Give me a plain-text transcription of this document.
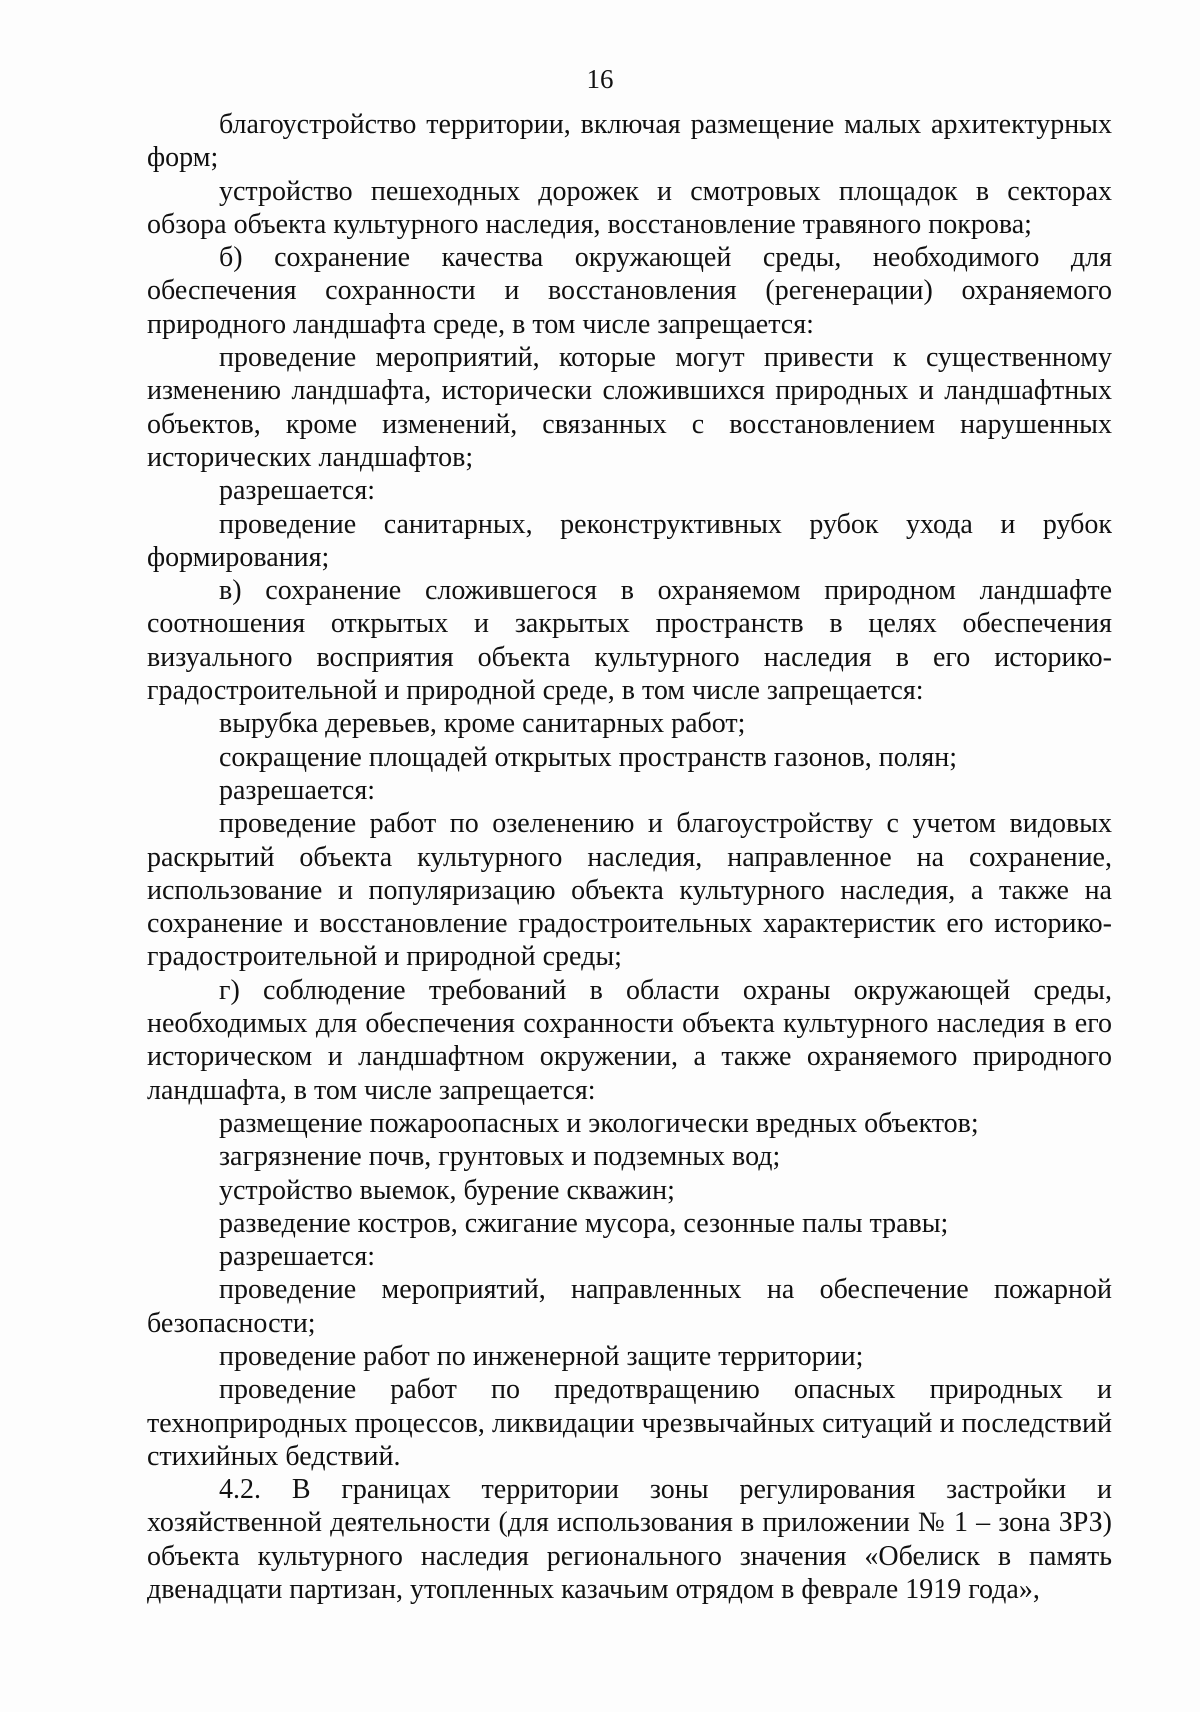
16

благоустройство территории, включая размещение малых архитектурных форм;

устройство пешеходных дорожек и смотровых площадок в секторах обзора объекта культурного наследия, восстановление травяного покрова;

б) сохранение качества окружающей среды, необходимого для обеспечения сохранности и восстановления (регенерации) охраняемого природного ландшафта среде, в том числе запрещается:

проведение мероприятий, которые могут привести к существенному изменению ландшафта, исторически сложившихся природных и ландшафтных объектов, кроме изменений, связанных с восстановлением нарушенных исторических ландшафтов;

разрешается:

проведение санитарных, реконструктивных рубок ухода и рубок формирования;

в) сохранение сложившегося в охраняемом природном ландшафте соотношения открытых и закрытых пространств в целях обеспечения визуального восприятия объекта культурного наследия в его историко-градостроительной и природной среде, в том числе запрещается:

вырубка деревьев, кроме санитарных работ;

сокращение площадей открытых пространств газонов, полян;

разрешается:

проведение работ по озеленению и благоустройству с учетом видовых раскрытий объекта культурного наследия, направленное на сохранение, использование и популяризацию объекта культурного наследия, а также на сохранение и восстановление градостроительных характеристик его историко-градостроительной и природной среды;

г) соблюдение требований в области охраны окружающей среды, необходимых для обеспечения сохранности объекта культурного наследия в его историческом и ландшафтном окружении, а также охраняемого природного ландшафта, в том числе запрещается:

размещение пожароопасных и экологически вредных объектов;

загрязнение почв, грунтовых и подземных вод;

устройство выемок, бурение скважин;

разведение костров, сжигание мусора, сезонные палы травы;

разрешается:

проведение мероприятий, направленных на обеспечение пожарной безопасности;

проведение работ по инженерной защите территории;

проведение работ по предотвращению опасных природных и техноприродных процессов, ликвидации чрезвычайных ситуаций и последствий стихийных бедствий.

4.2. В границах территории зоны регулирования застройки и хозяйственной деятельности (для использования в приложении № 1 – зона ЗРЗ) объекта культурного наследия регионального значения «Обелиск в память двенадцати партизан, утопленных казачьим отрядом в феврале 1919 года»,
